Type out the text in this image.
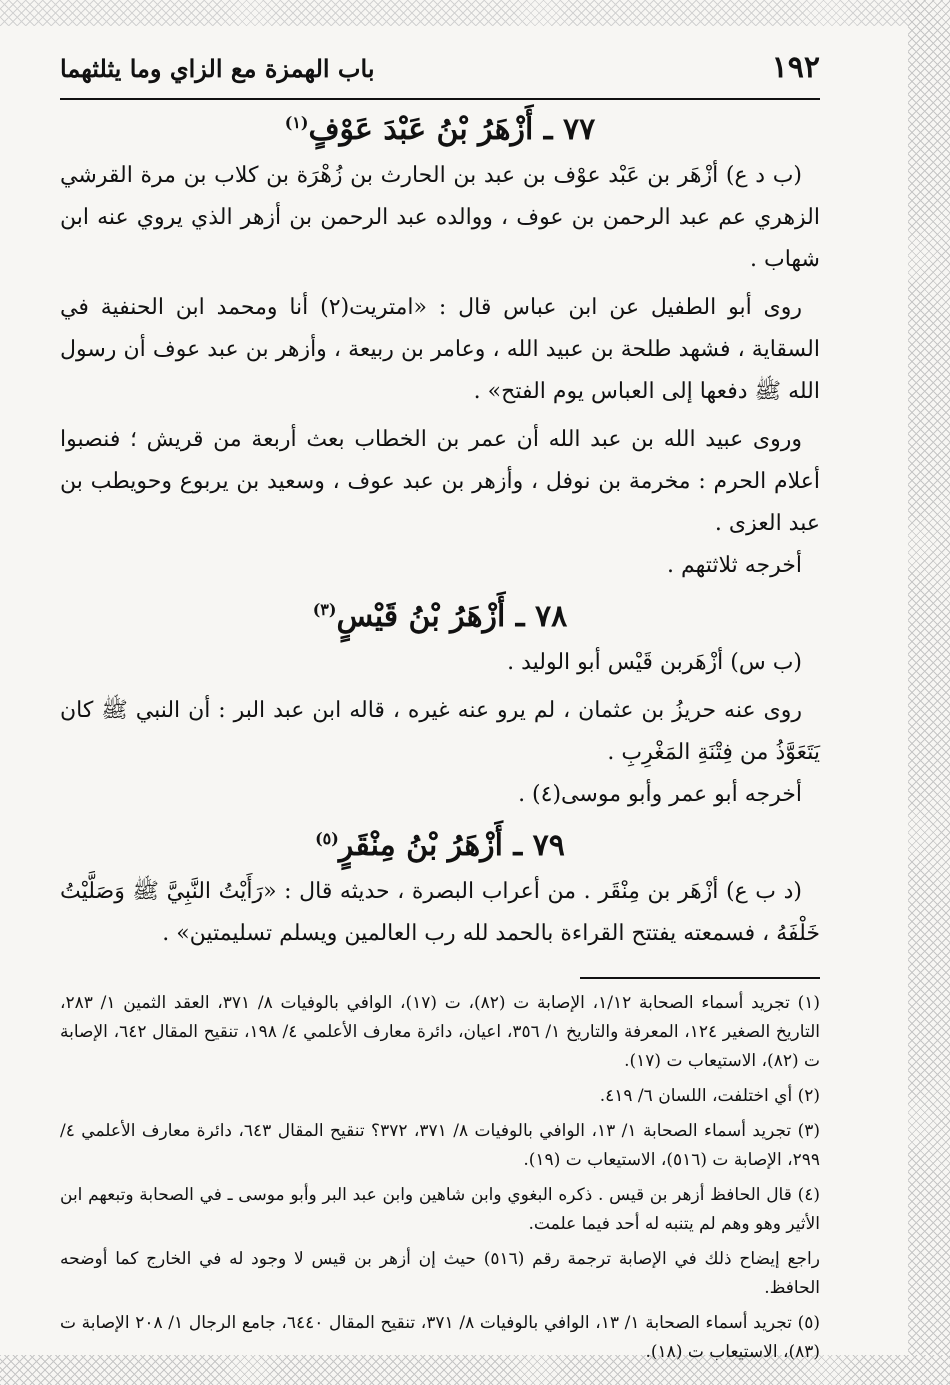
١٩٢
باب الهمزة مع الزاي وما يثلثهما
٧٧ ـ أَزْهَرُ بْنُ عَبْدَ عَوْفٍ$^{(١)}$

(ب د ع) أزْهَر بن عَبْد عوْف بن عبد بن الحارث بن زُهْرَة بن كلاب بن مرة القرشي الزهري عم عبد الرحمن بن عوف ، ووالده عبد الرحمن بن أزهر الذي يروي عنه ابن شهاب .

روى أبو الطفيل عن ابن عباس قال : «امتريت(٢) أنا ومحمد ابن الحنفية في السقاية ، فشهد طلحة بن عبيد الله ، وعامر بن ربيعة ، وأزهر بن عبد عوف أن رسول الله ﷺ دفعها إلى العباس يوم الفتح» .

وروى عبيد الله بن عبد الله أن عمر بن الخطاب بعث أربعة من قريش ؛ فنصبوا أعلام الحرم : مخرمة بن نوفل ، وأزهر بن عبد عوف ، وسعيد بن يربوع وحويطب بن عبد العزى .

أخرجه ثلاثتهم .

٧٨ ـ أَزْهَرُ بْنُ قَيْسٍ$^{(٣)}$

(ب س) أزْهَربن قَيْس أبو الوليد .

روى عنه حريزُ بن عثمان ، لم يرو عنه غيره ، قاله ابن عبد البر : أن النبي ﷺ كان يَتَعَوَّذُ من فِتْنَةِ المَغْرِبِ .

أخرجه أبو عمر وأبو موسى(٤) .

٧٩ ـ أَزْهَرُ بْنُ مِنْقَرٍ$^{(٥)}$

(د ب ع) أزْهَر بن مِنْقَر . من أعراب البصرة ، حديثه قال : «رَأَيْتُ النَّبِيَّ ﷺ وَصَلَّيْتُ خَلْفَهُ ، فسمعته يفتتح القراءة بالحمد لله رب العالمين ويسلم تسليمتين» .

(١) تجريد أسماء الصحابة ١/١٢، الإصابة ت (٨٢)، ت (١٧)، الوافي بالوفيات ٨/ ٣٧١، العقد الثمين ١/ ٢٨٣، التاريخ الصغير ١٢٤، المعرفة والتاريخ ١/ ٣٥٦، اعيان، دائرة معارف الأعلمي ٤/ ١٩٨، تنقيح المقال ٦٤٢، الإصابة ت (٨٢)، الاستيعاب ت (١٧).

(٢) أي اختلفت، اللسان ٦/ ٤١٩.

(٣) تجريد أسماء الصحابة ١/ ١٣، الوافي بالوفيات ٨/ ٣٧١، ٣٧٢؟ تنقيح المقال ٦٤٣، دائرة معارف الأعلمي ٤/ ٢٩٩، الإصابة ت (٥١٦)، الاستيعاب ت (١٩).

(٤) قال الحافظ أزهر بن قيس . ذكره البغوي وابن شاهين وابن عبد البر وأبو موسى ـ في الصحابة وتبعهم ابن الأثير وهو وهم لم يتنبه له أحد فيما علمت.

راجع إيضاح ذلك في الإصابة ترجمة رقم (٥١٦) حيث إن أزهر بن قيس لا وجود له في الخارج كما أوضحه الحافظ.

(٥) تجريد أسماء الصحابة ١/ ١٣، الوافي بالوفيات ٨/ ٣٧١، تنقيح المقال ٦٤٤٠، جامع الرجال ١/ ٢٠٨ الإصابة ت (٨٣)، الاستيعاب ت (١٨).
